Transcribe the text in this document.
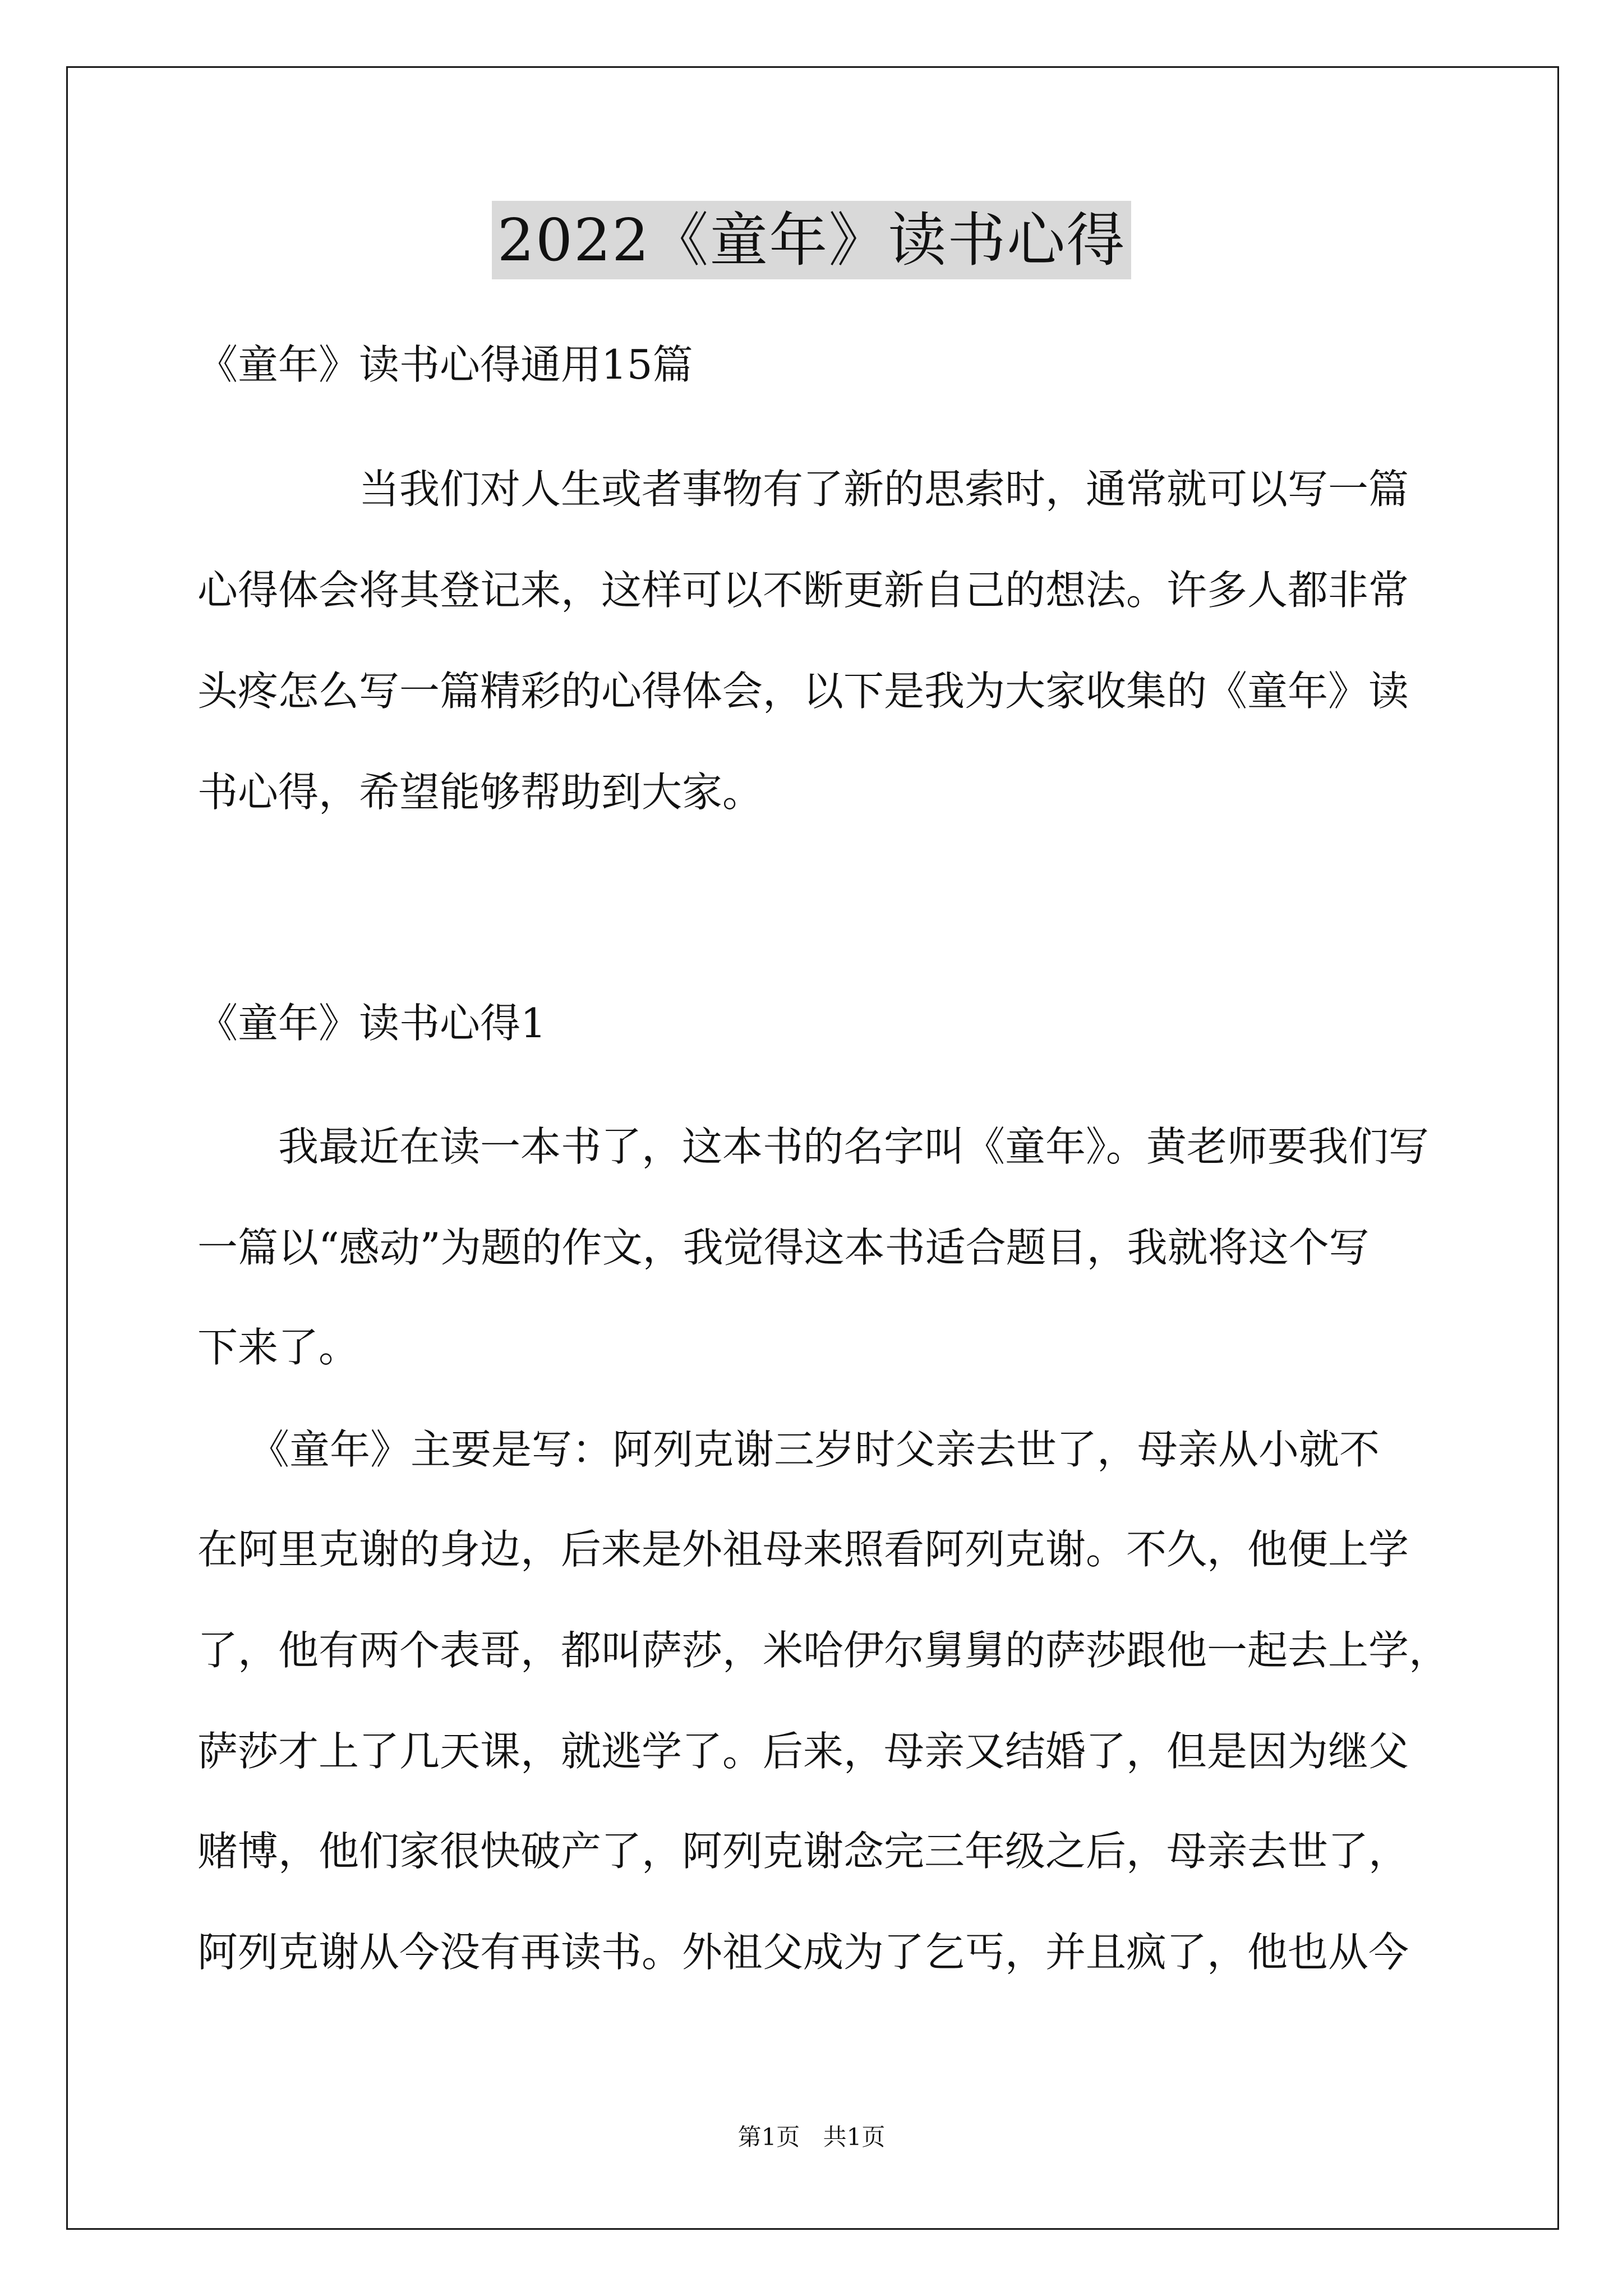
2022《童年》读书心得
《童年》读书心得通用15篇
当我们对人生或者事物有了新的思索时，通常就可以写一篇
心得体会将其登记来，这样可以不断更新自己的想法。许多人都非常
头疼怎么写一篇精彩的心得体会，以下是我为大家收集的《童年》读
书心得，希望能够帮助到大家。
《童年》读书心得1
我最近在读一本书了，这本书的名字叫《童年》。黄老师要我们写
一篇以“感动”为题的作文，我觉得这本书适合题目，我就将这个写
下来了。
《童年》主要是写：阿列克谢三岁时父亲去世了，母亲从小就不
在阿里克谢的身边，后来是外祖母来照看阿列克谢。不久，他便上学
了，他有两个表哥，都叫萨莎，米哈伊尔舅舅的萨莎跟他一起去上学，
萨莎才上了几天课，就逃学了。后来，母亲又结婚了，但是因为继父
赌博，他们家很快破产了，阿列克谢念完三年级之后，母亲去世了，
阿列克谢从今没有再读书。外祖父成为了乞丐，并且疯了，他也从今
第1页 共1页
